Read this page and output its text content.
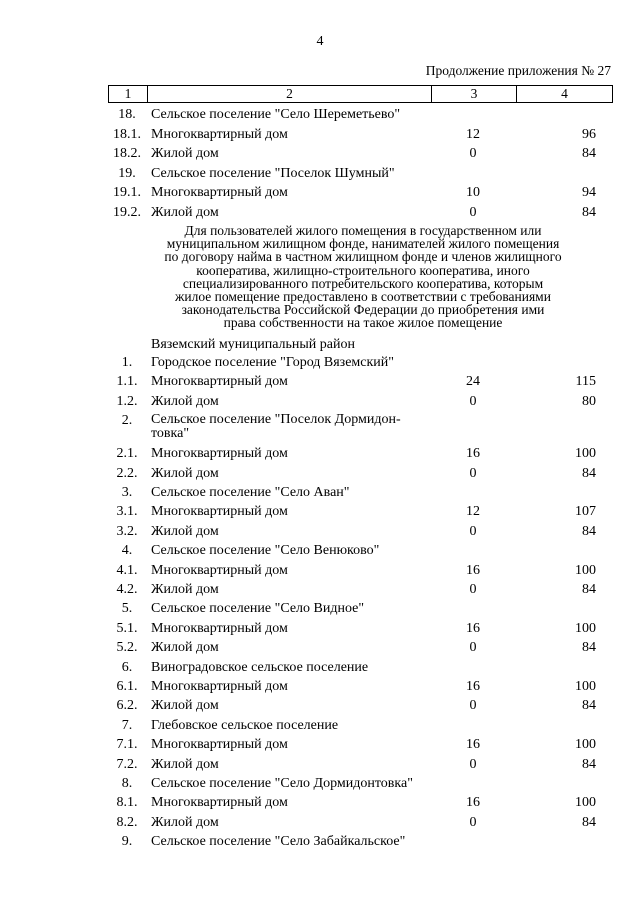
4
Продолжение приложения № 27
1	2	3	4
18.	Сельское поселение "Село Шереметьево"
18.1. Многоквартирный дом	12	96
18.2. Жилой дом	0	84
19.	Сельское поселение "Поселок Шумный"
19.1. Многоквартирный дом	10	94
19.2. Жилой дом	0	84
Для пользователей жилого помещения в государственном или
муниципальном жилищном фонде, нанимателей жилого помещения
по договору найма в частном жилищном фонде и членов жилищного
кооператива, жилищно-строительного кооператива, иного
специализированного потребительского кооператива, которым
жилое помещение предоставлено в соответствии с требованиями
законодательства Российской Федерации до приобретения ими
права собственности на такое жилое помещение
Вяземский муниципальный район
1.	Городское поселение "Город Вяземский"
1.1. Многоквартирный дом	24	115
1.2. Жилой дом	0	80
2.	Сельское поселение "Поселок Дормидон-
товка"
2.1. Многоквартирный дом	16	100
2.2. Жилой дом	0	84
3.	Сельское поселение "Село Аван"
3.1. Многоквартирный дом	12	107
3.2. Жилой дом	0	84
4.	Сельское поселение "Село Венюково"
4.1. Многоквартирный дом	16	100
4.2. Жилой дом	0	84
5.	Сельское поселение "Село Видное"
5.1. Многоквартирный дом	16	100
5.2. Жилой дом	0	84
6.	Виноградовское сельское поселение
6.1. Многоквартирный дом	16	100
6.2. Жилой дом	0	84
7.	Глебовское сельское поселение
7.1. Многоквартирный дом	16	100
7.2. Жилой дом	0	84
8.	Сельское поселение "Село Дормидонтовка"
8.1. Многоквартирный дом	16	100
8.2. Жилой дом	0	84
9.	Сельское поселение "Село Забайкальское"
